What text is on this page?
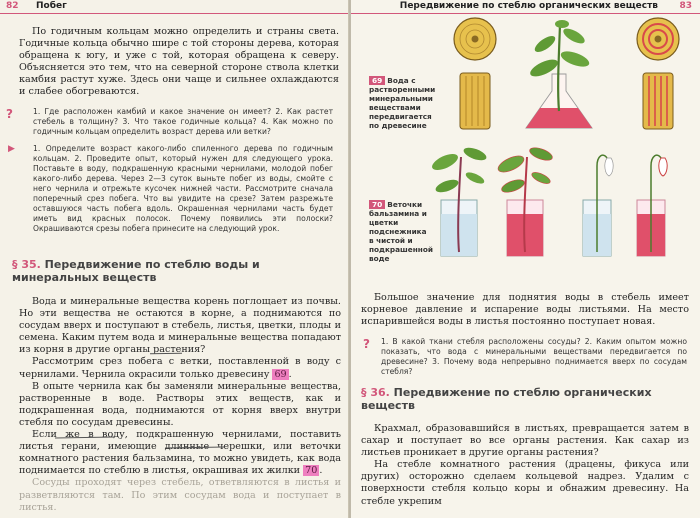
82 Побег

По годичным кольцам можно определить и страны света. Годичные кольца обычно шире с той стороны дерева, которая обращена к югу, и уже с той, которая обращена к северу. Объясняется это тем, что на северной стороне ствола клетки камбия растут хуже. Здесь они чаще и сильнее охлаждаются и слабее обогреваются.

?	1. Где расположен камбий и какое значение он имеет? 2. Как растет стебель в толщину? 3. Что такое годичные кольца? 4. Как можно по годичным кольцам определить возраст дерева или ветки?

▶ 1. Определите возраст какого-либо спиленного дерева по годичным кольцам. 2. Проведите опыт, который нужен для следующего урока. Поставьте в воду, подкрашенную красными чернилами, молодой побег какого-либо дерева. Через 2—3 суток выньте побег из воды, смойте с него чернила и отрежьте кусочек нижней части. Рассмотрите сначала поперечный срез побега. Что вы увидите на срезе? Затем разрежьте оставшуюся часть побега вдоль. Окрашенная чернилами часть будет иметь вид красных полосок. Почему появились эти полоски? Окрашиваются срезы побега принесите на следующий урок.

§ 35. Передвижение по стеблю воды и минеральных веществ

Вода и минеральные вещества корень поглощает из почвы. Но эти вещества не остаются в корне, а поднимаются по сосудам вверх и поступают в стебель, листья, цветки, плоды и семена. Каким путем вода и минеральные вещества попадают из корня в другие органы растения?

Рассмотрим срез побега с ветки, поставленной в воду с чернилами. Чернила окрасили только древесину 69 .

В опыте чернила как бы заменяли минеральные вещества, растворенные в воде. Растворы этих веществ, как и подкрашенная вода, поднимаются от корня вверх внутри стебля по сосудам древесины.

Если же в воду, подкрашенную чернилами, поставить листья герани, имеющие длинные черешки, или веточки комнатного растения бальзамина, то можно увидеть, как вода поднимается по стеблю в листья, окрашивая их жилки 70 .

Сосуды проходят через стебель, ответвляются в листья и разветвляются там. По этим сосудам вода и поступает в листья.

Передвижение по стеблю органических веществ 83
69 Вода с растворенными минеральными веществами передвигается по древесине
70 Веточки бальзамина и цветки подснежника в чистой и подкрашенной воде

Большое значение для поднятия воды в стебель имеет корневое давление и испарение воды листьями. На место испарившейся воды в листья постоянно поступает новая.

? 1. В какой ткани стебля расположены сосуды? 2. Каким опытом можно показать, что вода с минеральными веществами передвигается по древесине? 3. Почему вода непрерывно поднимается вверх по сосудам стебля?

§ 36. Передвижение по стеблю органических веществ

Крахмал, образовавшийся в листьях, превращается затем в сахар и поступает во все органы растения. Как сахар из листьев проникает в другие органы растения?

На стебле комнатного растения (драцены, фикуса или других) осторожно сделаем кольцевой надрез. Удалим с поверхности стебля кольцо коры и обнажим древесину. На стебле укрепим
